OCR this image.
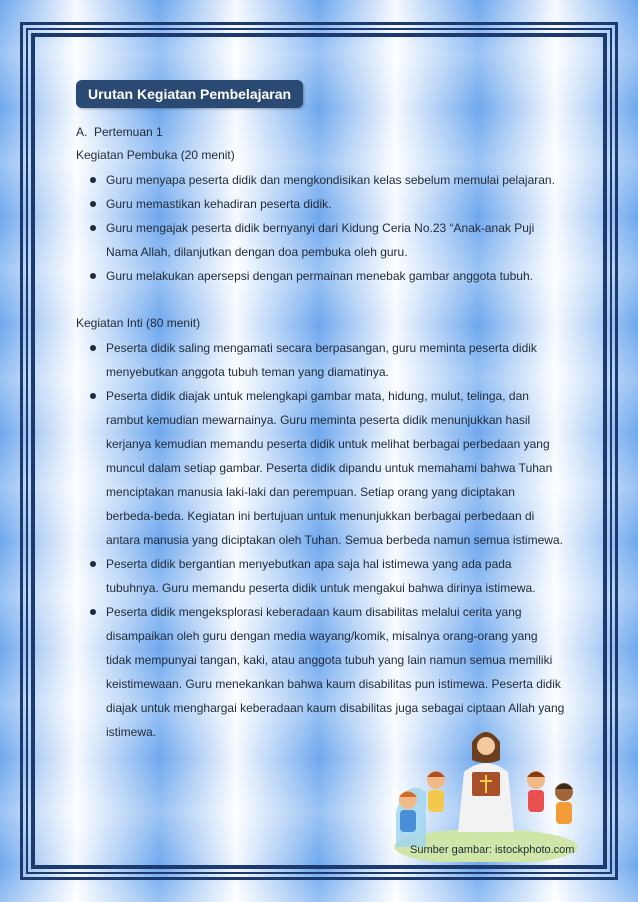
Urutan Kegiatan Pembelajaran
A. Pertemuan 1
Kegiatan Pembuka (20 menit)
Guru menyapa peserta didik dan mengkondisikan kelas sebelum memulai pelajaran.
Guru memastikan kehadiran peserta didik.
Guru mengajak peserta didik bernyanyi dari Kidung Ceria No.23 “Anak-anak Puji Nama Allah, dilanjutkan dengan doa pembuka oleh guru.
Guru melakukan apersepsi dengan permainan menebak gambar anggota tubuh.
Kegiatan Inti (80 menit)
Peserta didik saling mengamati secara berpasangan, guru meminta peserta didik menyebutkan anggota tubuh teman yang diamatinya.
Peserta didik diajak untuk melengkapi gambar mata, hidung, mulut, telinga, dan rambut kemudian mewarnainya. Guru meminta peserta didik menunjukkan hasil kerjanya kemudian memandu peserta didik untuk melihat berbagai perbedaan yang muncul dalam setiap gambar. Peserta didik dipandu untuk memahami bahwa Tuhan menciptakan manusia laki-laki dan perempuan. Setiap orang yang diciptakan berbeda-beda. Kegiatan ini bertujuan untuk menunjukkan berbagai perbedaan di antara manusia yang diciptakan oleh Tuhan. Semua berbeda namun semua istimewa.
Peserta didik bergantian menyebutkan apa saja hal istimewa yang ada pada tubuhnya. Guru memandu peserta didik untuk mengakui bahwa dirinya istimewa.
Peserta didik mengeksplorasi keberadaan kaum disabilitas melalui cerita yang disampaikan oleh guru dengan media wayang/komik, misalnya orang-orang yang tidak mempunyai tangan, kaki, atau anggota tubuh yang lain namun semua memiliki keistimewaan. Guru menekankan bahwa kaum disabilitas pun istimewa. Peserta didik diajak untuk menghargai keberadaan kaum disabilitas juga sebagai ciptaan Allah yang istimewa.
Sumber gambar: istockphoto.com
